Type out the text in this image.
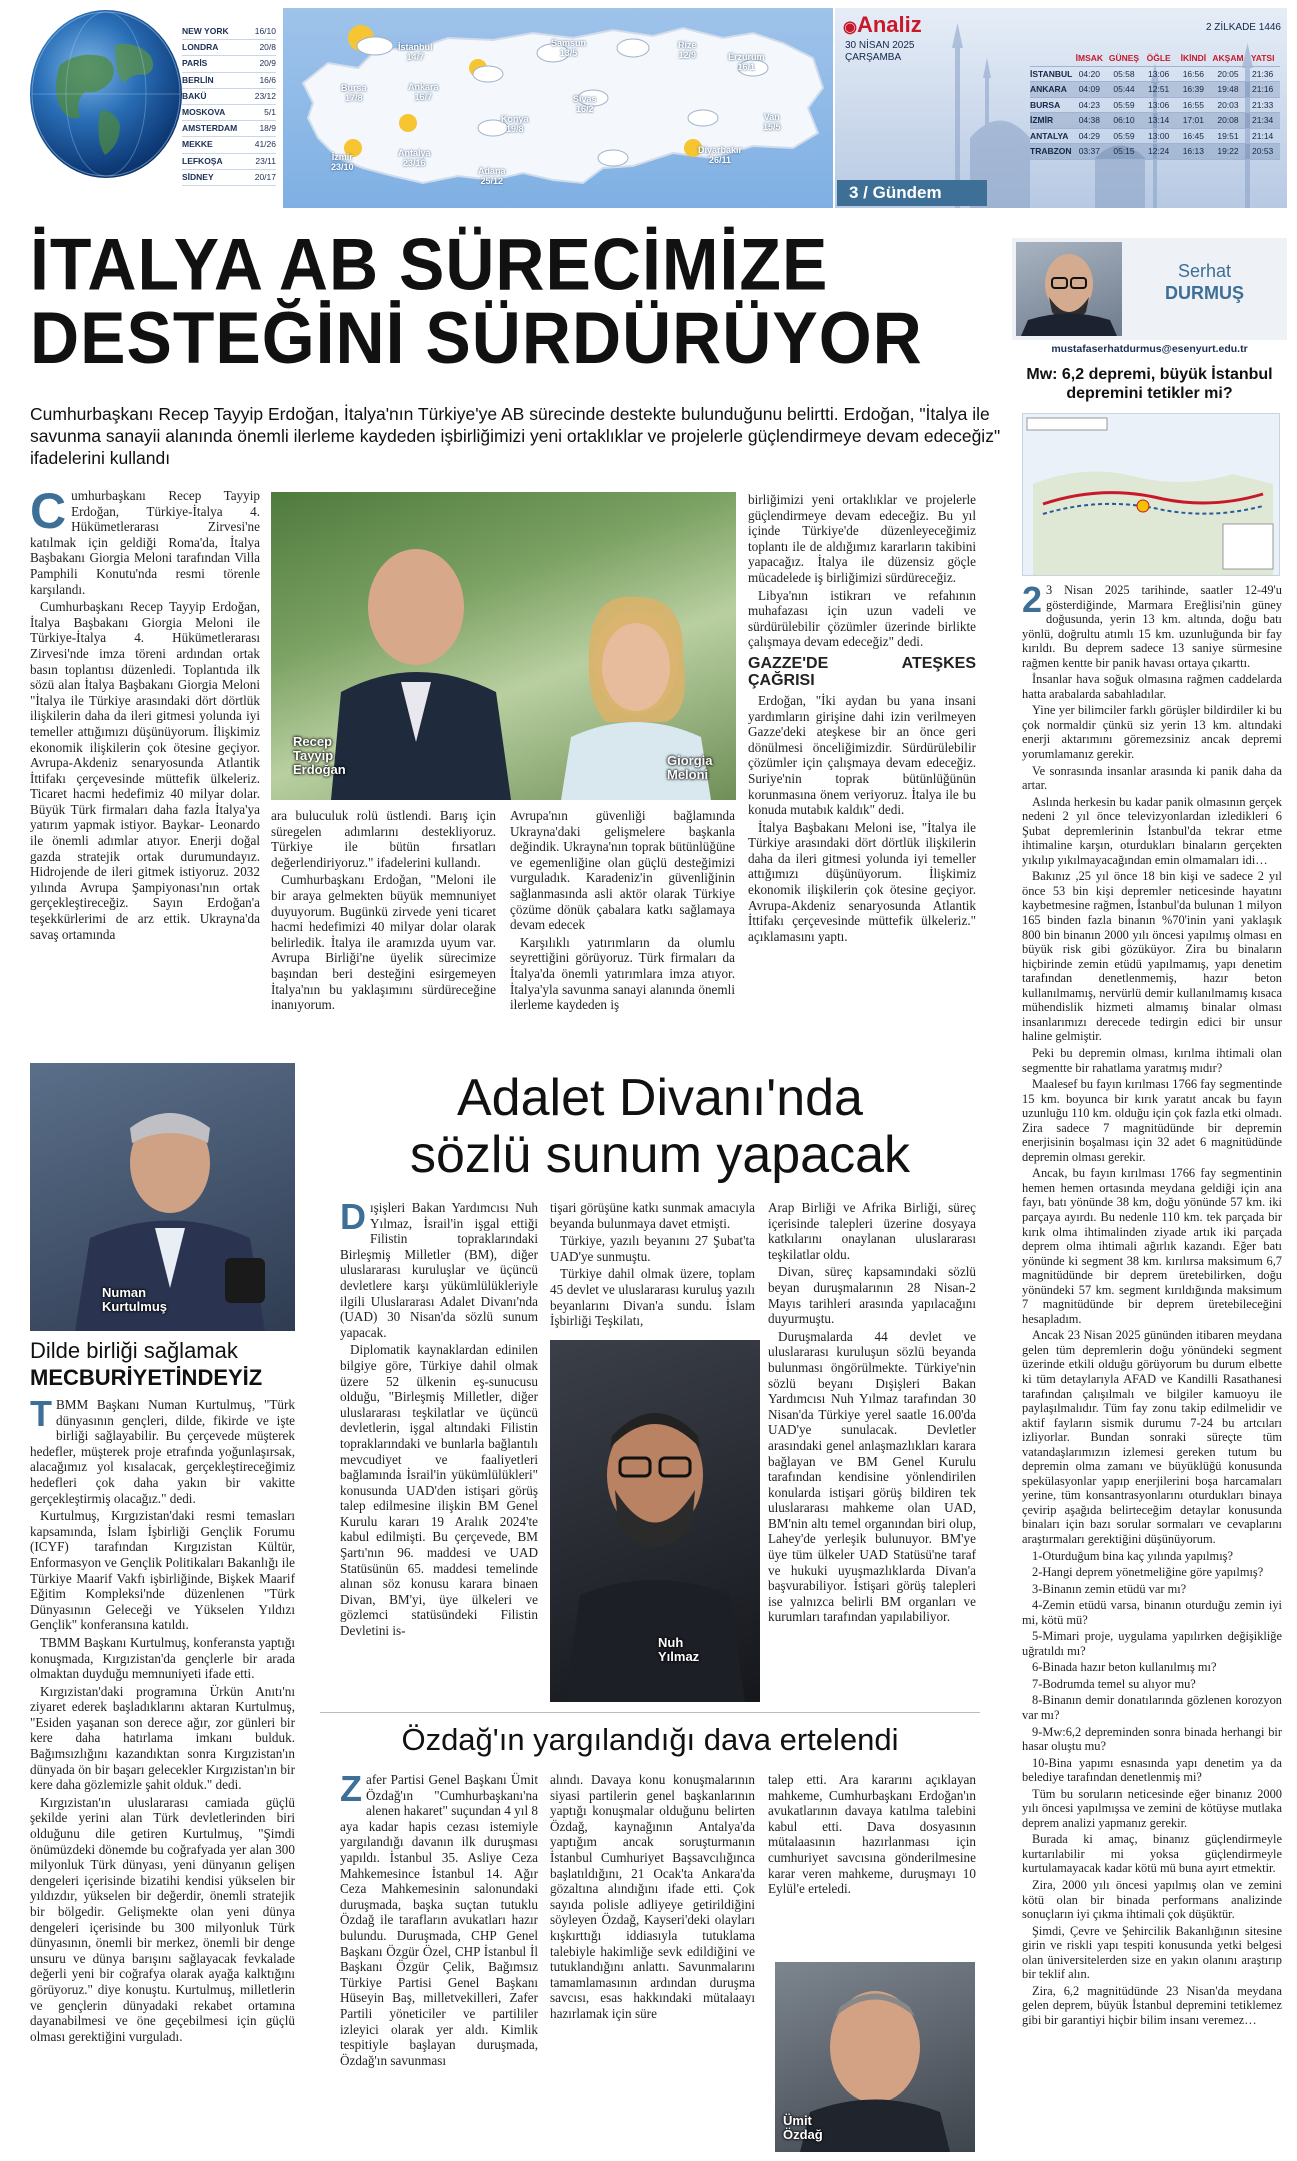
NEW YORK	16/10
LONDRA	20/8
PARİS	20/9
BERLİN	16/6
BAKÜ	23/12
MOSKOVA	5/1
AMSTERDAM	18/9
MEKKE	41/26
LEFKOŞA	23/11
SİDNEY	20/17
İstanbul
14/7
Samsun
13/5
Rize
12/9	Erzurum
16/1
Bursa
17/8
Ankara
16/7	Sivas
16/2
Konya
19/8
Van
15/5
İzmir
23/10
Antalya
23/16
Adana
25/12
Diyarbakır
26/11
◉Analiz
30 NİSAN 2025
ÇARŞAMBA
2 ZİLKADE 1446
İMSAK GÜNEŞ ÖĞLE	İKİNDİ AKŞAM YATSI
İSTANBUL 04:20	05:58	13:06	16:56	20:05	21:36
ANKARA	04:09	05:44	12:51	16:39	19:48	21:16
BURSA	04:23	05:59	13:06	16:55	20:03	21:33
İZMİR	04:38	06:10	13:14	17:01	20:08	21:34
ANTALYA	04:29	05:59	13:00	16:45	19:51	21:14
TRABZON 03:37	05:15	12:24	16:13	19:22	20:53
3 / Gündem
İTALYA AB SÜRECİMİZE
DESTEĞİNİ SÜRDÜRÜYOR
Cumhurbaşkanı Recep Tayyip Erdoğan, İtalya'nın Türkiye'ye AB sürecinde destekte bulunduğunu belirtti. Erdoğan, "İtalya ile savunma sanayii alanında önemli ilerleme kaydeden işbirliğimizi yeni ortaklıklar ve projelerle güçlendirmeye devam edeceğiz" ifadelerini kullandı

Cumhurbaşkanı Recep Tayyip Erdoğan, Türkiye-İtalya 4. Hükümetlerarası Zirvesi'ne katılmak için geldiği Roma'da, İtalya Başbakanı Giorgia Meloni tarafından Villa Pamphili Konutu'nda resmi törenle karşılandı.

Cumhurbaşkanı Recep Tayyip Erdoğan, İtalya Başbakanı Giorgia Meloni ile Türkiye-İtalya 4. Hükümetlerarası Zirvesi'nde imza töreni ardından ortak basın toplantısı düzenledi. Toplantıda ilk sözü alan İtalya Başbakanı Giorgia Meloni "İtalya ile Türkiye arasındaki dört dörtlük ilişkilerin daha da ileri gitmesi yolunda iyi temeller attığımızı düşünüyorum. İlişkimiz ekonomik ilişkilerin çok ötesine geçiyor. Avrupa-Akdeniz senaryosunda Atlantik İttifakı çerçevesinde müttefik ülkeleriz. Ticaret hacmi hedefimiz 40 milyar dolar. Büyük Türk firmaları daha fazla İtalya'ya yatırım yapmak istiyor. Baykar- Leonardo ile önemli adımlar atıyor. Enerji doğal gazda stratejik ortak durumundayız. Hidrojende de ileri gitmek istiyoruz. 2032 yılında Avrupa Şampiyonası'nın ortak gerçekleştireceğiz. Sayın Erdoğan'a teşekkürlerimi de arz ettik. Ukrayna'da savaş ortamında

Recep Tayyip Erdoğan
Giorgia Meloni

ara buluculuk rolü üstlendi. Barış için süregelen adımlarını destekliyoruz. Türkiye ile bütün fırsatları değerlendiriyoruz." ifadelerini kullandı.

Cumhurbaşkanı Erdoğan, "Meloni ile bir araya gelmekten büyük memnuniyet duyuyorum. Bugünkü zirvede yeni ticaret hacmi hedefimizi 40 milyar dolar olarak belirledik. İtalya ile aramızda uyum var. Avrupa Birliği'ne üyelik sürecimize başından beri desteğini esirgemeyen İtalya'nın bu yaklaşımını sürdüreceğine inanıyorum.

Avrupa'nın güvenliği bağlamında Ukrayna'daki gelişmelere başkanla değindik. Ukrayna'nın toprak bütünlüğüne ve egemenliğine olan güçlü desteğimizi vurguladık. Karadeniz'in güvenliğinin sağlanmasında asli aktör olarak Türkiye çözüme dönük çabalara katkı sağlamaya devam edecek

Karşılıklı yatırımların da olumlu seyrettiğini görüyoruz. Türk firmaları da İtalya'da önemli yatırımlara imza atıyor. İtalya'yla savunma sanayi alanında önemli ilerleme kaydeden iş

birliğimizi yeni ortaklıklar ve projelerle güçlendirmeye devam edeceğiz. Bu yıl içinde Türkiye'de düzenleyeceğimiz toplantı ile de aldığımız kararların takibini yapacağız. İtalya ile düzensiz göçle mücadelede iş birliğimizi sürdüreceğiz.

Libya'nın istikrarı ve refahının muhafazası için uzun vadeli ve sürdürülebilir çözümler üzerinde birlikte çalışmaya devam edeceğiz" dedi.

GAZZE'DE ATEŞKES ÇAĞRISI

Erdoğan, "İki aydan bu yana insani yardımların girişine dahi izin verilmeyen Gazze'deki ateşkese bir an önce geri dönülmesi önceliğimizdir. Sürdürülebilir çözümler için çalışmaya devam edeceğiz. Suriye'nin toprak bütünlüğünün korunmasına önem veriyoruz. İtalya ile bu konuda mutabık kaldık" dedi.

İtalya Başbakanı Meloni ise, "İtalya ile Türkiye arasındaki dört dörtlük ilişkilerin daha da ileri gitmesi yolunda iyi temeller attığımızı düşünüyorum. İlişkimiz ekonomik ilişkilerin çok ötesine geçiyor. Avrupa-Akdeniz senaryosunda Atlantik İttifakı çerçevesinde müttefik ülkeleriz." açıklamasını yaptı.

Numan Kurtulmuş
Dilde birliği sağlamak
MECBURİYETİNDEYİZ

TBMM Başkanı Numan Kurtulmuş, "Türk dünyasının gençleri, dilde, fikirde ve işte birliği sağlayabilir. Bu çerçevede müşterek hedefler, müşterek proje etrafında yoğunlaşırsak, alacağımız yol kısalacak, gerçekleştireceğimiz hedefleri çok daha yakın bir vakitte gerçekleştirmiş olacağız." dedi.

Kurtulmuş, Kırgızistan'daki resmi temasları kapsamında, İslam İşbirliği Gençlik Forumu (ICYF) tarafından Kırgızistan Kültür, Enformasyon ve Gençlik Politikaları Bakanlığı ile Türkiye Maarif Vakfı işbirliğinde, Bişkek Maarif Eğitim Kompleksi'nde düzenlenen "Türk Dünyasının Geleceği ve Yükselen Yıldızı Gençlik" konferansına katıldı.

TBMM Başkanı Kurtulmuş, konferansta yaptığı konuşmada, Kırgızistan'da gençlerle bir arada olmaktan duyduğu memnuniyeti ifade etti.

Kırgızistan'daki programına Ürkün Anıtı'nı ziyaret ederek başladıklarını aktaran Kurtulmuş, "Esiden yaşanan son derece ağır, zor günleri bir kere daha hatırlama imkanı bulduk. Bağımsızlığını kazandıktan sonra Kırgızistan'ın dünyada ön bir başarı gelecekler Kırgızistan'ın bir kere daha gözlemizle şahit olduk." dedi.

Kırgızistan'ın uluslararası camiada güçlü şekilde yerini alan Türk devletlerinden biri olduğunu dile getiren Kurtulmuş, "Şimdi önümüzdeki dönemde bu coğrafyada yer alan 300 milyonluk Türk dünyası, yeni dünyanın gelişen dengeleri içerisinde bizatihi kendisi yükselen bir yıldızdır, yükselen bir değerdir, önemli stratejik bir bölgedir. Gelişmekte olan yeni dünya dengeleri içerisinde bu 300 milyonluk Türk dünyasının, önemli bir merkez, önemli bir denge unsuru ve dünya barışını sağlayacak fevkalade değerli yeni bir coğrafya olarak ayağa kalktığını görüyoruz." diye konuştu. Kurtulmuş, milletlerin ve gençlerin dünyadaki rekabet ortamına dayanabilmesi ve öne geçebilmesi için güçlü olması gerektiğini vurguladı.

Adalet Divanı'nda
sözlü sunum yapacak

Dışişleri Bakan Yardımcısı Nuh Yılmaz, İsrail'in işgal ettiği Filistin topraklarındaki Birleşmiş Milletler (BM), diğer uluslararası kuruluşlar ve üçüncü devletlere karşı yükümlülükleriyle ilgili Uluslararası Adalet Divanı'nda (UAD) 30 Nisan'da sözlü sunum yapacak.

Diplomatik kaynaklardan edinilen bilgiye göre, Türkiye dahil olmak üzere 52 ülkenin eş-sunucusu olduğu, "Birleşmiş Milletler, diğer uluslararası teşkilatlar ve üçüncü devletlerin, işgal altındaki Filistin topraklarındaki ve bunlarla bağlantılı mevcudiyet ve faaliyetleri bağlamında İsrail'in yükümlülükleri" konusunda UAD'den istişari görüş talep edilmesine ilişkin BM Genel Kurulu kararı 19 Aralık 2024'te kabul edilmişti. Bu çerçevede, BM Şartı'nın 96. maddesi ve UAD Statüsünün 65. maddesi temelinde alınan söz konusu karara binaen Divan, BM'yi, üye ülkeleri ve gözlemci statüsündeki Filistin Devletini is-

tişari görüşüne katkı sunmak amacıyla beyanda bulunmaya davet etmişti.

Türkiye, yazılı beyanını 27 Şubat'ta UAD'ye sunmuştu.

Türkiye dahil olmak üzere, toplam 45 devlet ve uluslararası kuruluş yazılı beyanlarını Divan'a sundu. İslam İşbirliği Teşkilatı,

Nuh Yılmaz

Arap Birliği ve Afrika Birliği, süreç içerisinde talepleri üzerine dosyaya katkılarını onaylanan uluslararası teşkilatlar oldu.

Divan, süreç kapsamındaki sözlü beyan duruşmalarının 28 Nisan-2 Mayıs tarihleri arasında yapılacağını duyurmuştu.

Duruşmalarda 44 devlet ve uluslararası kuruluşun sözlü beyanda bulunması öngörülmekte. Türkiye'nin sözlü beyanı Dışişleri Bakan Yardımcısı Nuh Yılmaz tarafından 30 Nisan'da Türkiye yerel saatle 16.00'da UAD'ye sunulacak. Devletler arasındaki genel anlaşmazlıkları karara bağlayan ve BM Genel Kurulu tarafından kendisine yönlendirilen konularda istişari görüş bildiren tek uluslararası mahkeme olan UAD, BM'nin altı temel organından biri olup, Lahey'de yerleşik bulunuyor. BM'ye üye tüm ülkeler UAD Statüsü'ne taraf ve hukuki uyuşmazlıklarda Divan'a başvurabiliyor. İstişari görüş talepleri ise yalnızca belirli BM organları ve kurumları tarafından yapılabiliyor.

Özdağ'ın yargılandığı dava ertelendi

Zafer Partisi Genel Başkanı Ümit Özdağ'ın "Cumhurbaşkanı'na alenen hakaret" suçundan 4 yıl 8 aya kadar hapis cezası istemiyle yargılandığı davanın ilk duruşması yapıldı. İstanbul 35. Asliye Ceza Mahkemesince İstanbul 14. Ağır Ceza Mahkemesinin salonundaki duruşmada, başka suçtan tutuklu Özdağ ile tarafların avukatları hazır bulundu. Duruşmada, CHP Genel Başkanı Özgür Özel, CHP İstanbul İl Başkanı Özgür Çelik, Bağımsız Türkiye Partisi Genel Başkanı Hüseyin Baş, milletvekilleri, Zafer Partili yöneticiler ve partililer izleyici olarak yer aldı. Kimlik tespitiyle başlayan duruşmada, Özdağ'ın savunması

alındı. Davaya konu konuşmalarının siyasi partilerin genel başkanlarının yaptığı konuşmalar olduğunu belirten Özdağ, kaynağının Antalya'da yaptığım ancak soruşturmanın İstanbul Cumhuriyet Başsavcılığınca başlatıldığını, 21 Ocak'ta Ankara'da gözaltına alındığını ifade etti. Çok sayıda polisle adliyeye getirildiğini söyleyen Özdağ, Kayseri'deki olayları kışkırttığı iddiasıyla tutuklama talebiyle hakimliğe sevk edildiğini ve tutuklandığını anlattı. Savunmalarını tamamlamasının ardından duruşma savcısı, esas hakkındaki mütalaayı hazırlamak için süre

talep etti. Ara kararını açıklayan mahkeme, Cumhurbaşkanı Erdoğan'ın avukatlarının davaya katılma talebini kabul etti. Dava dosyasının mütalaasının hazırlanması için cumhuriyet savcısına gönderilmesine karar veren mahkeme, duruşmayı 10 Eylül'e erteledi.

Ümit Özdağ
Serhat
DURMUŞ
mustafaserhatdurmus@esenyurt.edu.tr
Mw: 6,2 depremi, büyük İstanbul depremini tetikler mi?

2 3 Nisan 2025 tarihinde, saatler 12-49'u gösterdiğinde, Marmara Ereğlisi'nin güney doğusunda, yerin 13 km. altında, doğu batı yönlü, doğrultu atımlı 15 km. uzunluğunda bir fay kırıldı. Bu deprem sadece 13 saniye sürmesine rağmen kentte bir panik havası ortaya çıkarttı.

İnsanlar hava soğuk olmasına rağmen caddelarda hatta arabalarda sabahladılar.

Yine yer bilimciler farklı görüşler bildirdiler ki bu çok normaldir çünkü siz yerin 13 km. altındaki enerji aktarımını göremezsiniz ancak depremi yorumlamanız gerekir.

Ve sonrasında insanlar arasında ki panik daha da artar.

Aslında herkesin bu kadar panik olmasının gerçek nedeni 2 yıl önce televizyonlardan izledikleri 6 Şubat depremlerinin İstanbul'da tekrar etme ihtimaline karşın, oturdukları binaların gerçekten yıkılıp yıkılmayacağından emin olmamaları idi…

Bakınız ,25 yıl önce 18 bin kişi ve sadece 2 yıl önce 53 bin kişi depremler neticesinde hayatını kaybetmesine rağmen, İstanbul'da bulunan 1 milyon 165 binden fazla binanın %70'inin yani yaklaşık 800 bin binanın 2000 yılı öncesi yapılmış olması en büyük risk gibi gözüküyor. Zira bu binaların hiçbirinde zemin etüdü yapılmamış, yapı denetim tarafından denetlenmemiş, hazır beton kullanılmamış, nervürlü demir kullanılmamış kısaca mühendislik hizmeti almamış binalar olması insanlarımızı derecede tedirgin edici bir unsur haline gelmiştir.

Peki bu depremin olması, kırılma ihtimali olan segmentte bir rahatlama yaratmış mıdır?

Maalesef bu fayın kırılması 1766 fay segmentinde 15 km. boyunca bir kırık yaratıt ancak bu fayın uzunluğu 110 km. olduğu için çok fazla etki olmadı. Zira sadece 7 magnitüdünde bir depremin enerjisinin boşalması için 32 adet 6 magnitüdünde depremin olması gerekir.

Ancak, bu fayın kırılması 1766 fay segmentinin hemen hemen ortasında meydana geldiği için ana fayı, batı yönünde 38 km, doğu yönünde 57 km. iki parçaya ayırdı. Bu nedenle 110 km. tek parçada bir kırık olma ihtimalinden ziyade artık iki parçada deprem olma ihtimali ağırlık kazandı. Eğer batı yönünde ki segment 38 km. kırılırsa maksimum 6,7 magnitüdünde bir deprem üretebilirken, doğu yönündeki 57 km. segment kırıldığında maksimum 7 magnitüdünde bir deprem üretebileceğini hesapladım.

Ancak 23 Nisan 2025 gününden itibaren meydana gelen tüm depremlerin doğu yönündeki segment üzerinde etkili olduğu görüyorum bu durum elbette ki tüm detaylarıyla AFAD ve Kandilli Rasathanesi tarafından çalışılmalı ve bilgiler kamuoyu ile paylaşılmalıdır. Tüm fay zonu takip edilmelidir ve aktif fayların sismik durumu 7-24 bu artcıları izliyorlar. Bundan sonraki süreçte tüm vatandaşlarımızın izlemesi gereken tutum bu depremin olma zamanı ve büyüklüğü konusunda spekülasyonlar yapıp enerjilerini boşa harcamaları yerine, tüm konsantrasyonlarını oturdukları binaya çevirip aşağıda belirteceğim detaylar konusunda binaları için bazı sorular sormaları ve cevaplarını araştırmaları gerektiğini düşünüyorum.

1-Oturduğum bina kaç yılında yapılmış?

2-Hangi deprem yönetmeliğine göre yapılmış?

3-Binanın zemin etüdü var mı?

4-Zemin etüdü varsa, binanın oturduğu zemin iyi mi, kötü mü?

5-Mimari proje, uygulama yapılırken değişikliğe uğratıldı mı?

6-Binada hazır beton kullanılmış mı?

7-Bodrumda temel su alıyor mu?

8-Binanın demir donatılarında gözlenen korozyon var mı?

9-Mw:6,2 depreminden sonra binada herhangi bir hasar oluştu mu?

10-Bina yapımı esnasında yapı denetim ya da belediye tarafından denetlenmiş mi?

Tüm bu soruların neticesinde eğer binanız 2000 yılı öncesi yapılmışsa ve zemini de kötüyse mutlaka deprem analizi yapmanız gerekir.

Burada ki amaç, binanız güçlendirmeyle kurtarılabilir mi yoksa güçlendirmeyle kurtulamayacak kadar kötü mü buna ayırt etmektir.

Zira, 2000 yılı öncesi yapılmış olan ve zemini kötü olan bir binada performans analizinde sonuçların iyi çıkma ihtimali çok düşüktür.

Şimdi, Çevre ve Şehircilik Bakanlığının sitesine girin ve riskli yapı tespiti konusunda yetki belgesi olan üniversitelerden size en yakın olanını araştırıp bir teklif alın.

Zira, 6,2 magnitüdünde 23 Nisan'da meydana gelen deprem, büyük İstanbul depremini tetiklemez gibi bir garantiyi hiçbir bilim insanı veremez…
